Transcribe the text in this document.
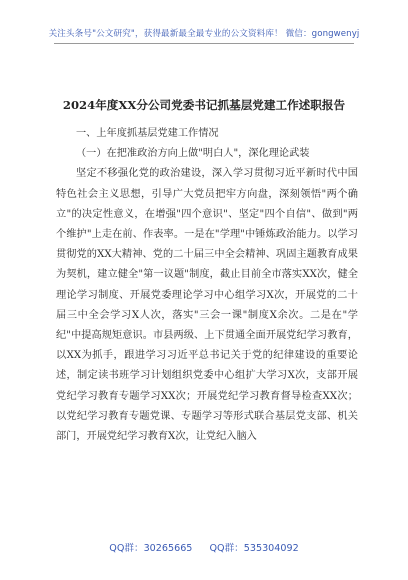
关注头条号"公文研究"，获得最新最全最专业的公文资料库！ 微信：gongwenyj
2024年度XX分公司党委书记抓基层党建工作述职报告

一、上年度抓基层党建工作情况

（一）在把准政治方向上做"明白人"，深化理论武装

坚定不移强化党的政治建设，深入学习贯彻习近平新时代中国特色社会主义思想，引导广大党员把牢方向盘，深刻领悟"两个确立"的决定性意义，在增强"四个意识"、坚定"四个自信"、做到"两个维护"上走在前、作表率。一是在"学理"中锤炼政治能力。以学习贯彻党的XX大精神、党的二十届三中全会精神、巩固主题教育成果为契机，建立健全"第一议题"制度，截止目前全市落实XX次，健全理论学习制度、开展党委理论学习中心组学习X次，开展党的二十届三中全会学习X人次，落实"三会一课"制度X余次。二是在"学纪"中提高规矩意识。市县两级、上下贯通全面开展党纪学习教育，以XX为抓手，跟进学习习近平总书记关于党的纪律建设的重要论述，制定读书班学习计划组织党委中心组扩大学习X次，支部开展党纪学习教育专题学习XX次；开展党纪学习教育督导检查XX次；以党纪学习教育专题党课、专题学习等形式联合基层党支部、机关部门，开展党纪学习教育X次，让党纪入脑入

QQ群：30265665 QQ群：535304092
